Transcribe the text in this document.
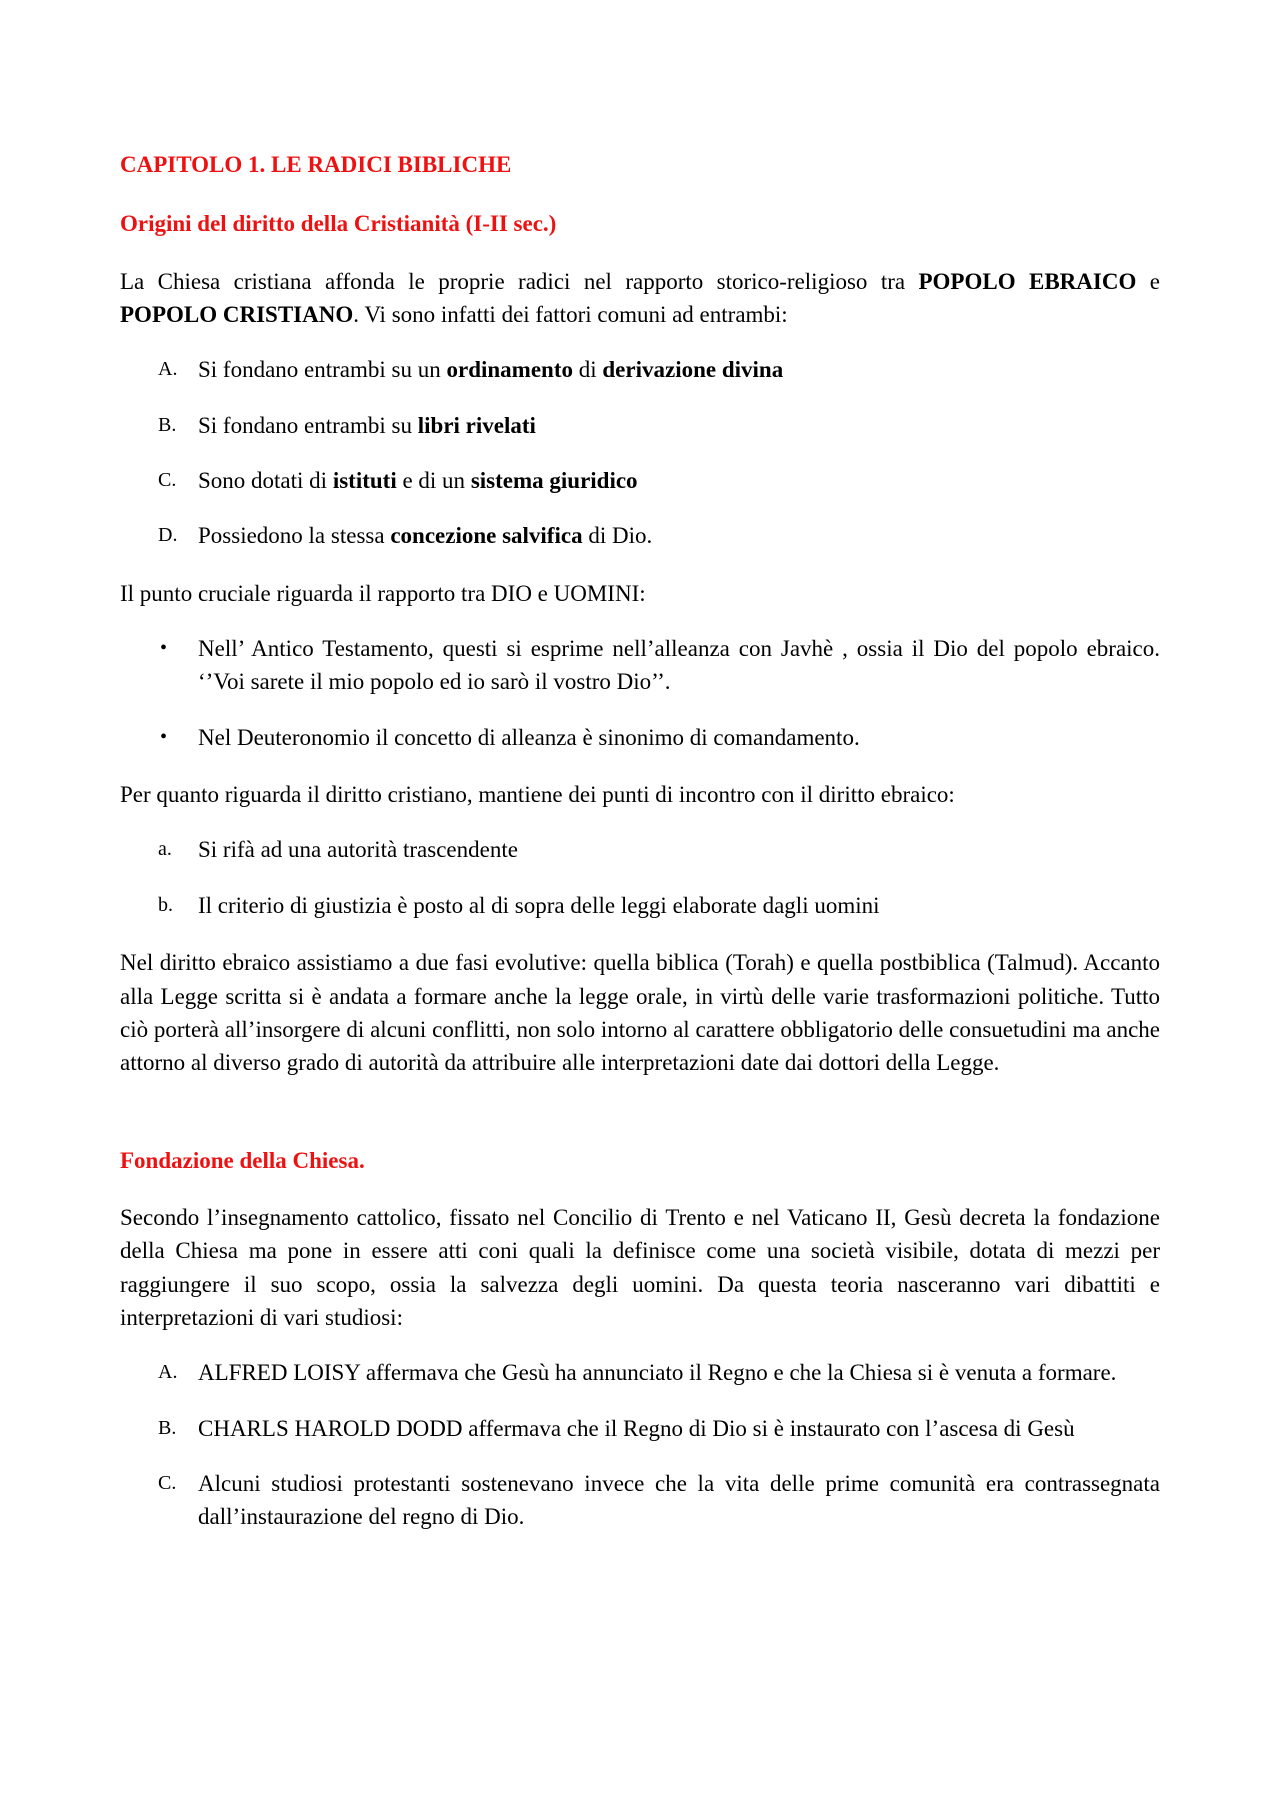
CAPITOLO 1. LE RADICI BIBLICHE
Origini del diritto della Cristianità (I-II sec.)

La Chiesa cristiana affonda le proprie radici nel rapporto storico-religioso tra POPOLO EBRAICO e POPOLO CRISTIANO. Vi sono infatti dei fattori comuni ad entrambi:

A. Si fondano entrambi su un ordinamento di derivazione divina
B. Si fondano entrambi su libri rivelati
C. Sono dotati di istituti e di un sistema giuridico
D. Possiedono la stessa concezione salvifica di Dio.

Il punto cruciale riguarda il rapporto tra DIO e UOMINI:

• Nell’ Antico Testamento, questi si esprime nell’alleanza con Javhè , ossia il Dio del popolo ebraico. ‘’Voi sarete il mio popolo ed io sarò il vostro Dio’’.
• Nel Deuteronomio il concetto di alleanza è sinonimo di comandamento.

Per quanto riguarda il diritto cristiano, mantiene dei punti di incontro con il diritto ebraico:

a. Si rifà ad una autorità trascendente
b. Il criterio di giustizia è posto al di sopra delle leggi elaborate dagli uomini

Nel diritto ebraico assistiamo a due fasi evolutive: quella biblica (Torah) e quella postbiblica (Talmud). Accanto alla Legge scritta si è andata a formare anche la legge orale, in virtù delle varie trasformazioni politiche. Tutto ciò porterà all’insorgere di alcuni conflitti, non solo intorno al carattere obbligatorio delle consuetudini ma anche attorno al diverso grado di autorità da attribuire alle interpretazioni date dai dottori della Legge.

Fondazione della Chiesa.

Secondo l’insegnamento cattolico, fissato nel Concilio di Trento e nel Vaticano II, Gesù decreta la fondazione della Chiesa ma pone in essere atti coni quali la definisce come una società visibile, dotata di mezzi per raggiungere il suo scopo, ossia la salvezza degli uomini. Da questa teoria nasceranno vari dibattiti e interpretazioni di vari studiosi:

A. ALFRED LOISY affermava che Gesù ha annunciato il Regno e che la Chiesa si è venuta a formare.
B. CHARLS HAROLD DODD affermava che il Regno di Dio si è instaurato con l’ascesa di Gesù
C. Alcuni studiosi protestanti sostenevano invece che la vita delle prime comunità era contrassegnata dall’instaurazione del regno di Dio.
